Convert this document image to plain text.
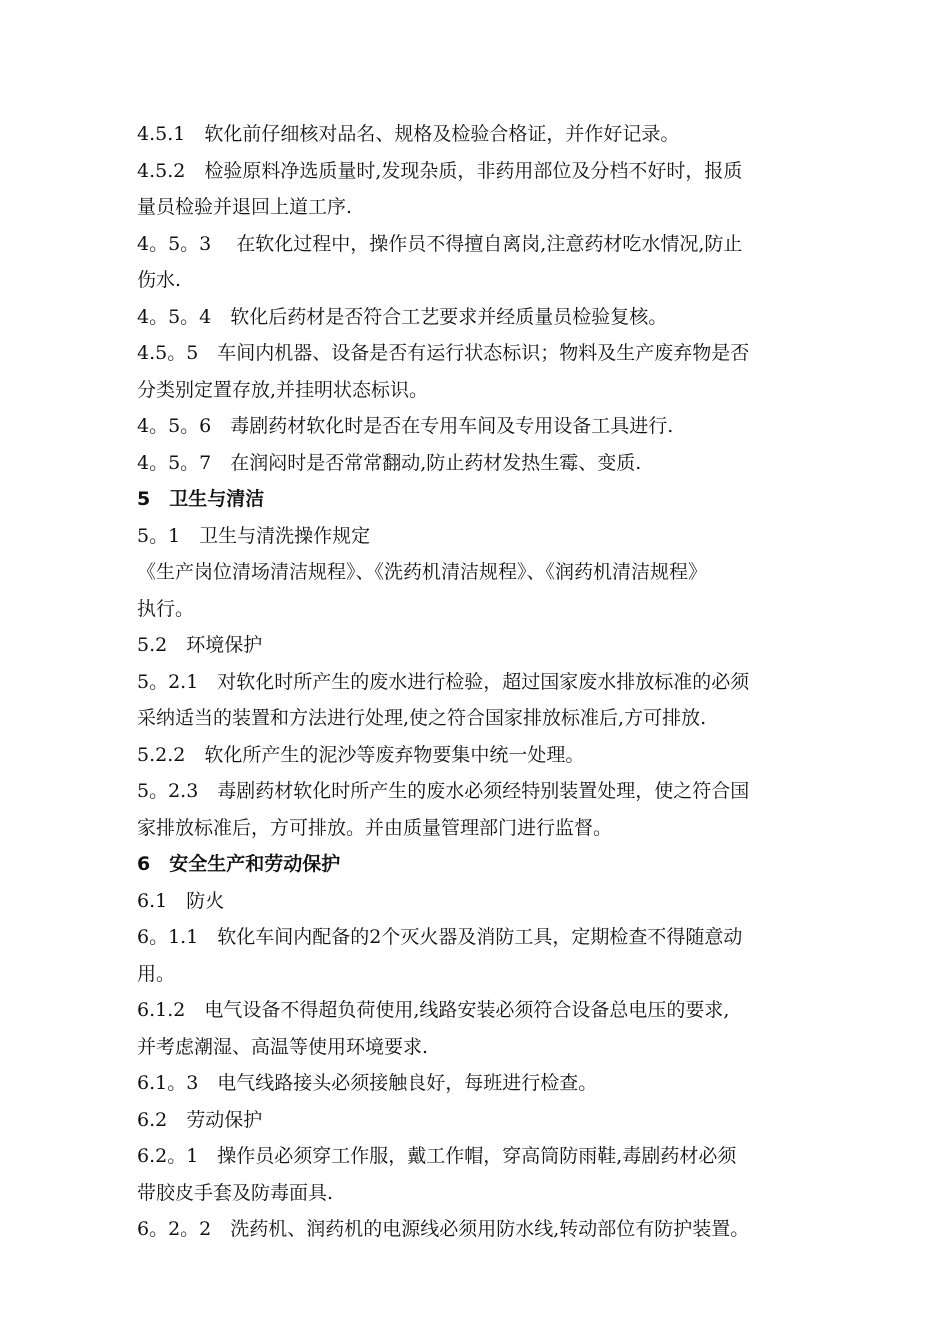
4.5.1　软化前仔细核对品名、规格及检验合格证，并作好记录。

4.5.2　检验原料净选质量时,发现杂质，非药用部位及分档不好时，报质

量员检验并退回上道工序.

4。5。3　 在软化过程中，操作员不得擅自离岗,注意药材吃水情况,防止

伤水.

4。5。4　软化后药材是否符合工艺要求并经质量员检验复核。

4.5。5　车间内机器、设备是否有运行状态标识；物料及生产废弃物是否

分类别定置存放,并挂明状态标识。

4。5。6　毒剧药材软化时是否在专用车间及专用设备工具进行.

4。5。7　在润闷时是否常常翻动,防止药材发热生霉、变质.

5　卫生与清洁

5。1　卫生与清洗操作规定

《生产岗位清场清洁规程》、《洗药机清洁规程》、《润药机清洁规程》

执行。

5.2　环境保护

5。2.1　对软化时所产生的废水进行检验，超过国家废水排放标准的必须

采纳适当的装置和方法进行处理,使之符合国家排放标准后,方可排放.

5.2.2　软化所产生的泥沙等废弃物要集中统一处理。

5。2.3　毒剧药材软化时所产生的废水必须经特别装置处理，使之符合国

家排放标准后，方可排放。并由质量管理部门进行监督。

6　安全生产和劳动保护

6.1　防火

6。1.1　软化车间内配备的2个灭火器及消防工具，定期检查不得随意动

用。

6.1.2　电气设备不得超负荷使用,线路安装必须符合设备总电压的要求,

并考虑潮湿、高温等使用环境要求.

6.1。3　电气线路接头必须接触良好，每班进行检查。

6.2　劳动保护

6.2。1　操作员必须穿工作服，戴工作帽，穿高筒防雨鞋,毒剧药材必须

带胶皮手套及防毒面具.

6。2。2　洗药机、润药机的电源线必须用防水线,转动部位有防护装置。
